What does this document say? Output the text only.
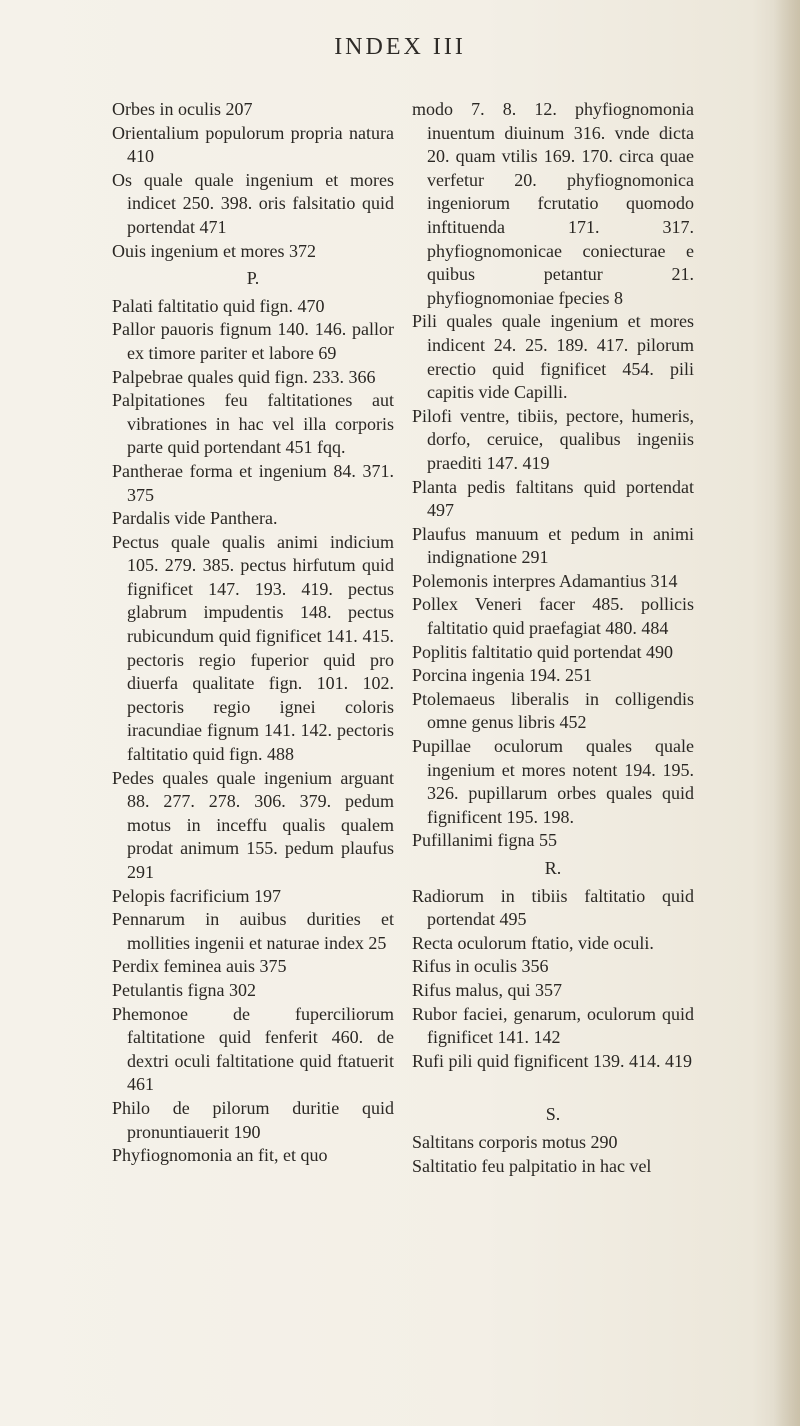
INDEX III

Orbes in oculis 207

Orientalium populorum propria natura 410

Os quale quale ingenium et mores indicet 250. 398. oris falsitatio quid portendat 471

Ouis ingenium et mores 372

P.

Palati faltitatio quid fign. 470

Pallor pauoris fignum 140. 146. pallor ex timore pariter et labore 69

Palpebrae quales quid fign. 233. 366

Palpitationes feu faltitationes aut vibrationes in hac vel illa corporis parte quid portendant 451 fqq.

Pantherae forma et ingenium 84. 371. 375

Pardalis vide Panthera.

Pectus quale qualis animi indicium 105. 279. 385. pectus hirfutum quid fignificet 147. 193. 419. pectus glabrum impudentis 148. pectus rubicundum quid fignificet 141. 415. pectoris regio fuperior quid pro diuerfa qualitate fign. 101. 102. pectoris regio ignei coloris iracundiae fignum 141. 142. pectoris faltitatio quid fign. 488

Pedes quales quale ingenium arguant 88. 277. 278. 306. 379. pedum motus in inceffu qualis qualem prodat animum 155. pedum plaufus 291

Pelopis facrificium 197

Pennarum in auibus durities et mollities ingenii et naturae index 25

Perdix feminea auis 375

Petulantis figna 302

Phemonoe de fuperciliorum faltitatione quid fenferit 460. de dextri oculi faltitatione quid ftatuerit 461

Philo de pilorum duritie quid pronuntiauerit 190

Phyfiognomonia an fit, et quo

modo 7. 8. 12. phyfiognomonia inuentum diuinum 316. vnde dicta 20. quam vtilis 169. 170. circa quae verfetur 20. phyfiognomonica ingeniorum fcrutatio quomodo inftituenda 171. 317. phyfiognomonicae coniecturae e quibus petantur 21. phyfiognomoniae fpecies 8

Pili quales quale ingenium et mores indicent 24. 25. 189. 417. pilorum erectio quid fignificet 454. pili capitis vide Capilli.

Pilofi ventre, tibiis, pectore, humeris, dorfo, ceruice, qualibus ingeniis praediti 147. 419

Planta pedis faltitans quid portendat 497

Plaufus manuum et pedum in animi indignatione 291

Polemonis interpres Adamantius 314

Pollex Veneri facer 485. pollicis faltitatio quid praefagiat 480. 484

Poplitis faltitatio quid portendat 490

Porcina ingenia 194. 251

Ptolemaeus liberalis in colligendis omne genus libris 452

Pupillae oculorum quales quale ingenium et mores notent 194. 195. 326. pupillarum orbes quales quid fignificent 195. 198.

Pufillanimi figna 55

R.

Radiorum in tibiis faltitatio quid portendat 495

Recta oculorum ftatio, vide oculi.

Rifus in oculis 356

Rifus malus, qui 357

Rubor faciei, genarum, oculorum quid fignificet 141. 142

Rufi pili quid fignificent 139. 414. 419

S.

Saltitans corporis motus 290

Saltitatio feu palpitatio in hac vel
